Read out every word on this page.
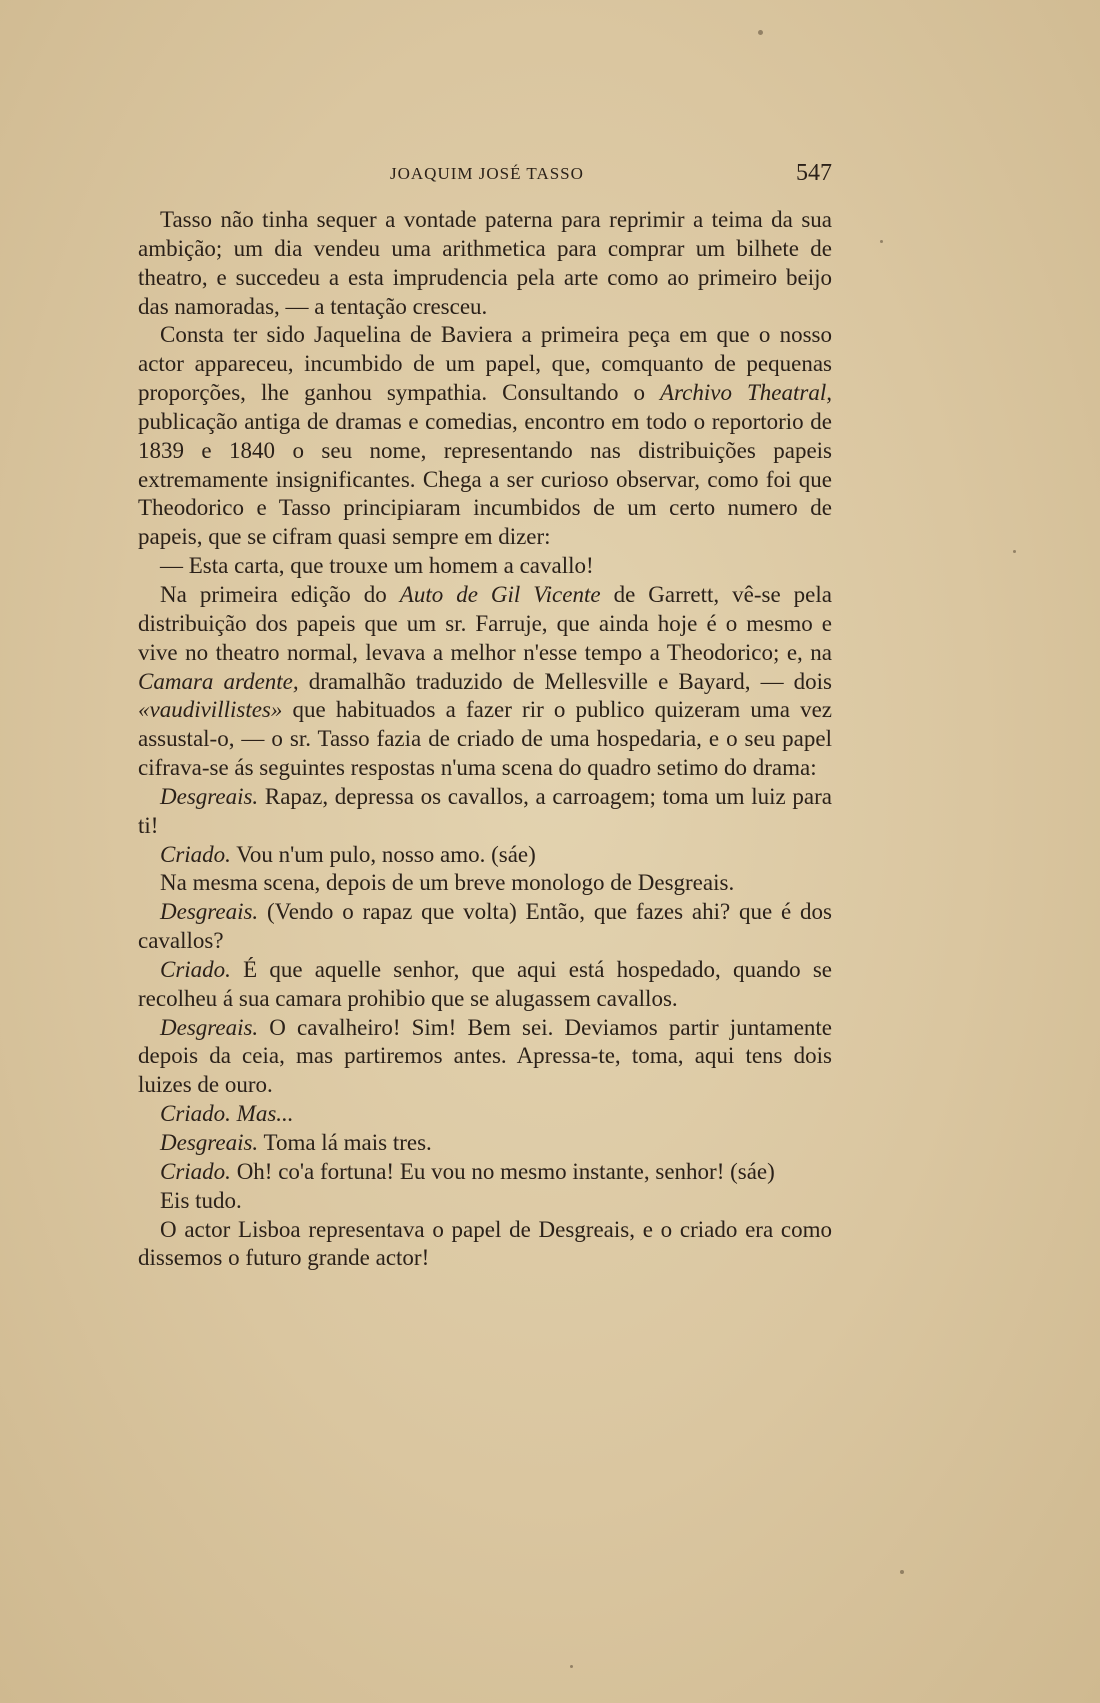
JOAQUIM JOSÉ TASSO	547

Tasso não tinha sequer a vontade paterna para reprimir a teima da sua ambição; um dia vendeu uma arithmetica para comprar um bilhete de theatro, e succedeu a esta imprudencia pela arte como ao primeiro beijo das namoradas, — a tentação cresceu.

Consta ter sido Jaquelina de Baviera a primeira peça em que o nosso actor appareceu, incumbido de um papel, que, comquanto de pequenas proporções, lhe ganhou sympathia. Consultando o Archivo Theatral, publicação antiga de dramas e comedias, encontro em todo o reportorio de 1839 e 1840 o seu nome, representando nas distribuições papeis extremamente insignificantes. Chega a ser curioso observar, como foi que Theodorico e Tasso principiaram incumbidos de um certo numero de papeis, que se cifram quasi sempre em dizer:

— Esta carta, que trouxe um homem a cavallo!

Na primeira edição do Auto de Gil Vicente de Garrett, vê-se pela distribuição dos papeis que um sr. Farruje, que ainda hoje é o mesmo e vive no theatro normal, levava a melhor n'esse tempo a Theodorico; e, na Camara ardente, dramalhão traduzido de Mellesville e Bayard, — dois «vaudivillistes» que habituados a fazer rir o publico quizeram uma vez assustal-o, — o sr. Tasso fazia de criado de uma hospedaria, e o seu papel cifrava-se ás seguintes respostas n'uma scena do quadro setimo do drama:

Desgreais. Rapaz, depressa os cavallos, a carroagem; toma um luiz para ti!

Criado. Vou n'um pulo, nosso amo. (sáe)

Na mesma scena, depois de um breve monologo de Desgreais.

Desgreais. (Vendo o rapaz que volta) Então, que fazes ahi? que é dos cavallos?

Criado. É que aquelle senhor, que aqui está hospedado, quando se recolheu á sua camara prohibio que se alugassem cavallos.

Desgreais. O cavalheiro! Sim! Bem sei. Deviamos partir juntamente depois da ceia, mas partiremos antes. Apressa-te, toma, aqui tens dois luizes de ouro.

Criado. Mas...

Desgreais. Toma lá mais tres.

Criado. Oh! co'a fortuna! Eu vou no mesmo instante, senhor! (sáe)

Eis tudo.

O actor Lisboa representava o papel de Desgreais, e o criado era como dissemos o futuro grande actor!
